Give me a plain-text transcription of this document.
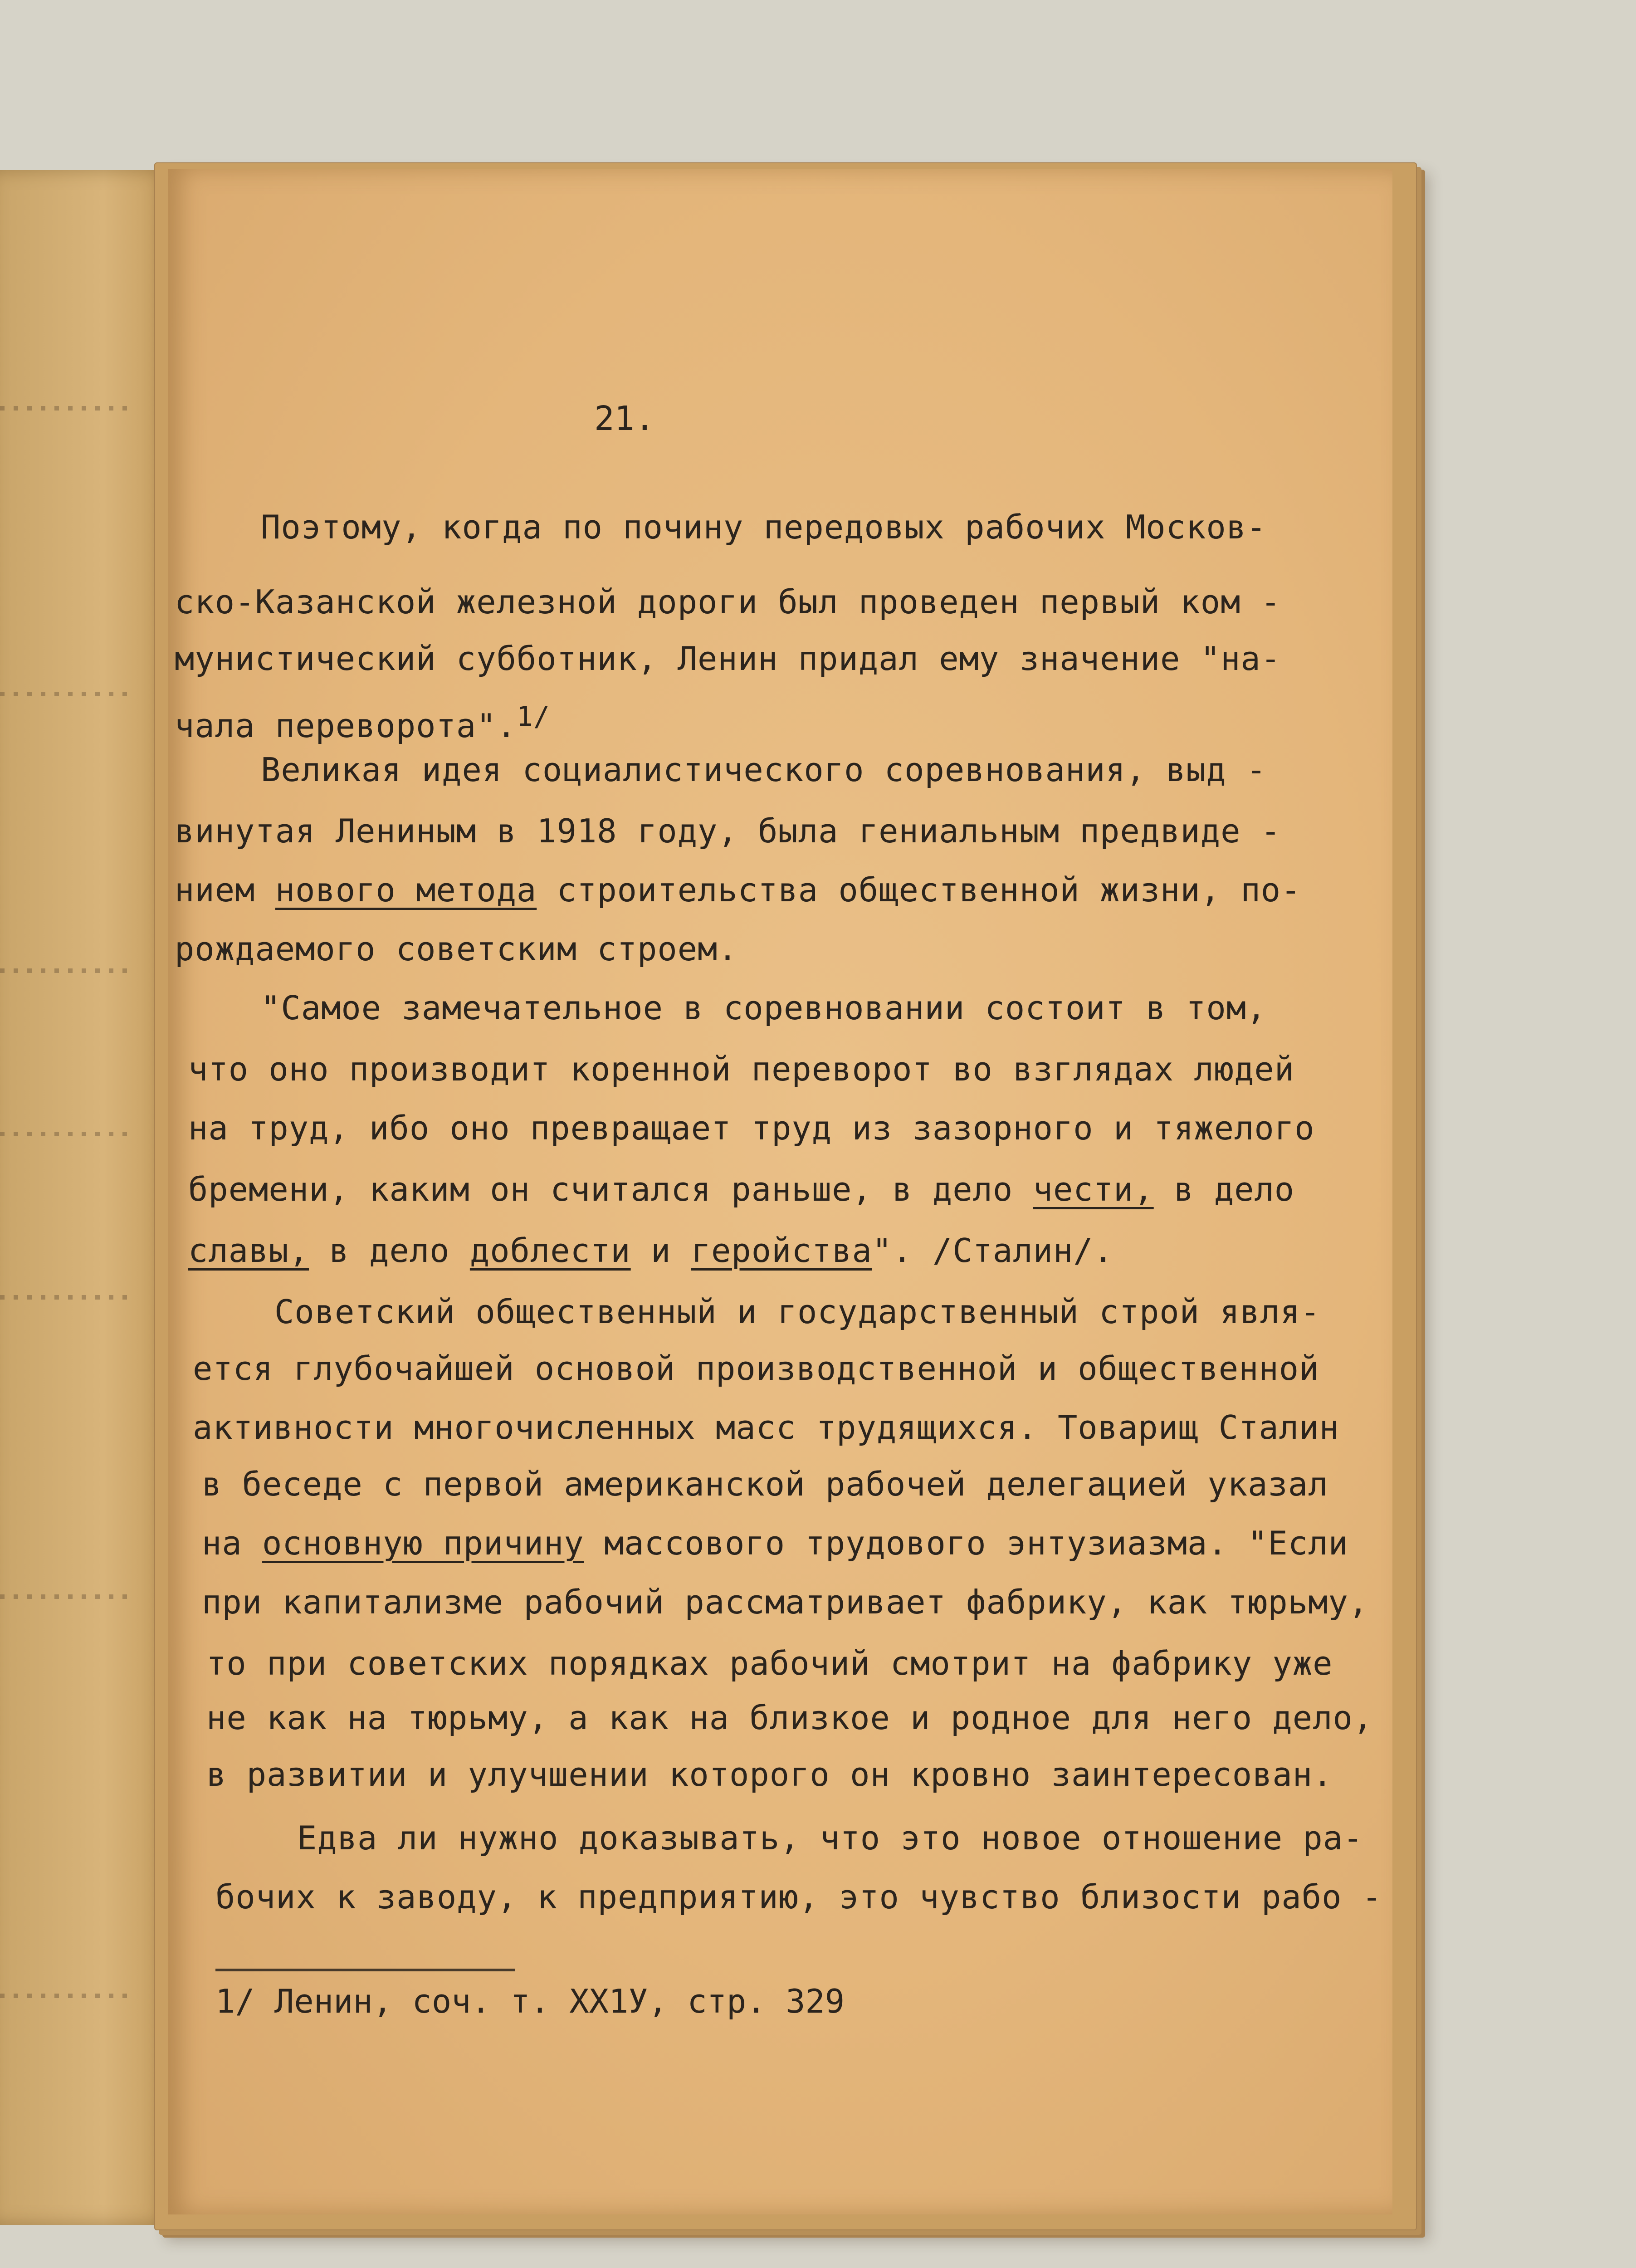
21.
Поэтому, когда по почину передовых рабочих Москов-
ско-Казанской железной дороги был проведен первый ком -
мунистический субботник, Ленин придал ему значение "на-
чала переворота".$^{1/}$
Великая идея социалистического соревнования, выд -
винутая Лениным в 1918 году, была гениальным предвиде -
нием нового метода строительства общественной жизни, по-
рождаемого советским строем.
"Самое замечательное в соревновании состоит в том,
что оно производит коренной переворот во взглядах людей
на труд, ибо оно превращает труд из зазорного и тяжелого
бремени, каким он считался раньше, в дело чести, в дело
славы, в дело доблести и геройства". /Сталин/.
Советский общественный и государственный строй явля-
ется глубочайшей основой производственной и общественной
активности многочисленных масс трудящихся. Товарищ Сталин
в беседе с первой американской рабочей делегацией указал
на основную причину массового трудового энтузиазма. "Если
при капитализме рабочий рассматривает фабрику, как тюрьму,
то при советских порядках рабочий смотрит на фабрику уже
не как на тюрьму, а как на близкое и родное для него дело,
в развитии и улучшении которого он кровно заинтересован.
Едва ли нужно доказывать, что это новое отношение ра-
бочих к заводу, к предприятию, это чувство близости рабо -
1/ Ленин, соч. т. ХХ1У, стр. 329
